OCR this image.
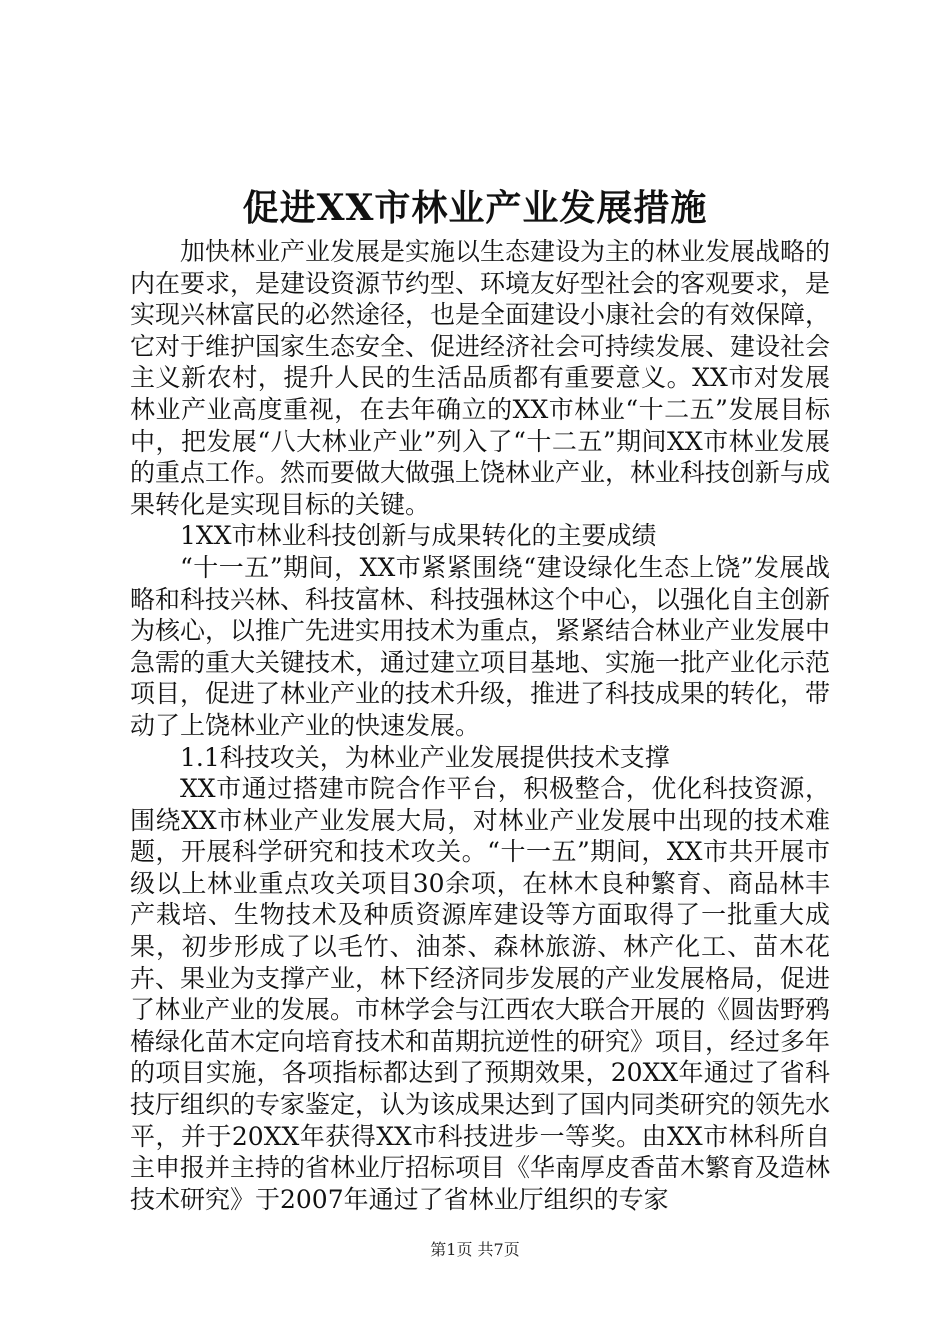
促进XX市林业产业发展措施

加快林业产业发展是实施以生态建设为主的林业发展战略的内在要求，是建设资源节约型、环境友好型社会的客观要求，是实现兴林富民的必然途径，也是全面建设小康社会的有效保障，它对于维护国家生态安全、促进经济社会可持续发展、建设社会主义新农村，提升人民的生活品质都有重要意义。XX市对发展林业产业高度重视，在去年确立的XX市林业“十二五”发展目标中，把发展“八大林业产业”列入了“十二五”期间XX市林业发展的重点工作。然而要做大做强上饶林业产业，林业科技创新与成果转化是实现目标的关键。

1XX市林业科技创新与成果转化的主要成绩

“十一五”期间，XX市紧紧围绕“建设绿化生态上饶”发展战略和科技兴林、科技富林、科技强林这个中心，以强化自主创新为核心，以推广先进实用技术为重点，紧紧结合林业产业发展中急需的重大关键技术，通过建立项目基地、实施一批产业化示范项目，促进了林业产业的技术升级，推进了科技成果的转化，带动了上饶林业产业的快速发展。

1.1科技攻关，为林业产业发展提供技术支撑

XX市通过搭建市院合作平台，积极整合，优化科技资源，围绕XX市林业产业发展大局，对林业产业发展中出现的技术难题，开展科学研究和技术攻关。“十一五”期间，XX市共开展市级以上林业重点攻关项目30余项，在林木良种繁育、商品林丰产栽培、生物技术及种质资源库建设等方面取得了一批重大成果，初步形成了以毛竹、油茶、森林旅游、林产化工、苗木花卉、果业为支撑产业，林下经济同步发展的产业发展格局，促进了林业产业的发展。市林学会与江西农大联合开展的《圆齿野鸦椿绿化苗木定向培育技术和苗期抗逆性的研究》项目，经过多年的项目实施，各项指标都达到了预期效果，20XX年通过了省科技厅组织的专家鉴定，认为该成果达到了国内同类研究的领先水平，并于20XX年获得XX市科技进步一等奖。由XX市林科所自主申报并主持的省林业厅招标项目《华南厚皮香苗木繁育及造林技术研究》于2007年通过了省林业厅组织的专家

第1页 共7页
